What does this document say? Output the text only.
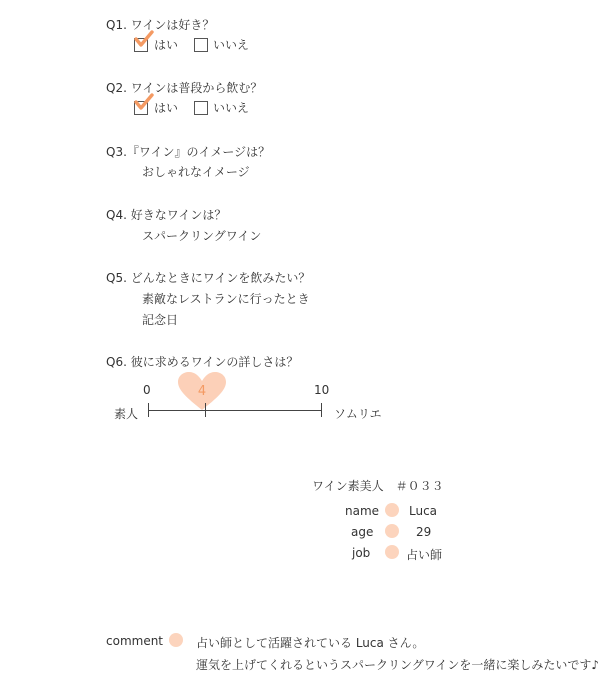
Q1. ワインは好き？
はい	いいえ
Q2. ワインは普段から飲む？
はい	いいえ
Q3.『ワイン』のイメージは？
おしゃれなイメージ
Q4. 好きなワインは？
スパークリングワイン
Q5. どんなときにワインを飲みたい？
素敵なレストランに行ったとき
記念日
Q6. 彼に求めるワインの詳しさは？
0	10
素人	ソムリエ
4
ワイン素美人　＃０３３
name Luca
age	29
job	占い師
comment	占い師として活躍されている Luca さん。
運気を上げてくれるというスパークリングワインを一緒に楽しみたいです♪
